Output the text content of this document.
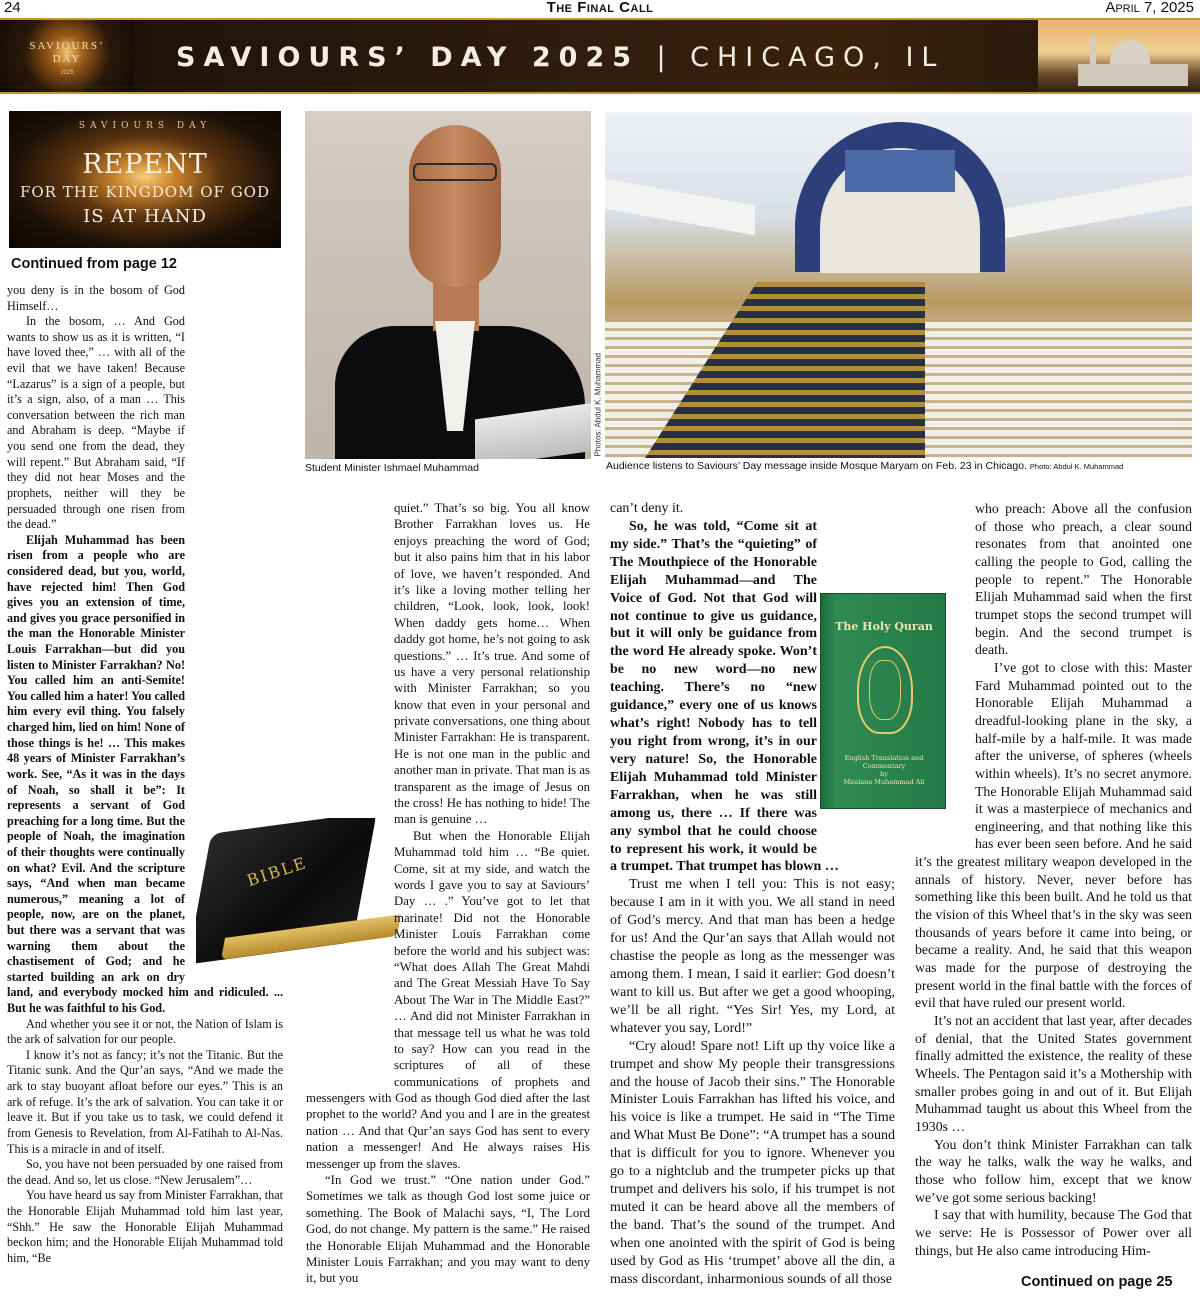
24	The Final Call	April 7, 2025
SAVIOURS’
DAY
2025	SAVIOURS’ DAY 2025 | CHICAGO, IL
SAVIOURS DAY
REPENT
FOR THE KINGDOM OF GOD
IS AT HAND
Photos: Abdul K. Muhammad
Student Minister Ishmael Muhammad	Audience listens to Saviours’ Day message inside Mosque Maryam on Feb. 23 in Chicago. Photo: Abdul K. Muhammad
Continued from page 12

you deny is in the bosom of God Himself…

In the bosom, … And God wants to show us as it is written, “I have loved thee,” … with all of the evil that we have taken! Because “Lazarus” is a sign of a people, but it’s a sign, also, of a man … This conversation between the rich man and Abraham is deep. “Maybe if you send one from the dead, they will repent.” But Abraham said, “If they did not hear Moses and the prophets, neither will they be persuaded through one risen from the dead.”

Elijah Muhammad has been risen from a people who are considered dead, but you, world, have rejected him! Then God gives you an extension of time, and gives you grace personified in the man the Honorable Minister Louis Farrakhan—but did you listen to Minister Farrakhan? No! You called him an anti-Semite! You called him a hater! You called him every evil thing. You falsely charged him, lied on him! None of those things is he! … This makes 48 years of Minister Farrakhan’s work. See, “As it was in the days of Noah, so shall it be”: It represents a servant of God preaching for a long time. But the people of Noah, the imagination of their thoughts were continually on what? Evil. And the scripture says, “And when man became numerous,” meaning a lot of people, now, are on the planet, but there was a servant that was warning them about the chastisement of God; and he started building an ark on dry land, and everybody mocked him and ridiculed. ... But he was faithful to his God.

And whether you see it or not, the Nation of Islam is the ark of salvation for our people.

I know it’s not as fancy; it’s not the Titanic. But the Titanic sunk. And the Qur’an says, “And we made the ark to stay buoyant afloat before our eyes.” This is an ark of refuge. It’s the ark of salvation. You can take it or leave it. But if you take us to task, we could defend it from Genesis to Revelation, from Al-Fatihah to Al-Nas. This is a miracle in and of itself.

So, you have not been persuaded by one raised from the dead. And so, let us close. “New Jerusalem”…

You have heard us say from Minister Farrakhan, that the Honorable Elijah Muhammad told him last year, “Shh.” He saw the Honorable Elijah Muhammad beckon him; and the Honorable Elijah Muhammad told him, “Be

BIBLE

quiet.” That’s so big. You all know Brother Farrakhan loves us. He enjoys preaching the word of God; but it also pains him that in his labor of love, we haven’t responded. And it’s like a loving mother telling her children, “Look, look, look, look! When daddy gets home… When daddy got home, he’s not going to ask questions.” … It’s true. And some of us have a very personal relationship with Minister Farrakhan; so you know that even in your personal and private conversations, one thing about Minister Farrakhan: He is transparent. He is not one man in the public and another man in private. That man is as transparent as the image of Jesus on the cross! He has nothing to hide! The man is genuine …

But when the Honorable Elijah Muhammad told him … “Be quiet. Come, sit at my side, and watch the words I gave you to say at Saviours’ Day … .” You’ve got to let that marinate! Did not the Honorable Minister Louis Farrakhan come before the world and his subject was: “What does Allah The Great Mahdi and The Great Messiah Have To Say About The War in The Middle East?” … And did not Minister Farrakhan in that message tell us what he was told to say? How can you read in the scriptures of all of these communications of prophets and messengers with God as though God died after the last prophet to the world? And you and I are in the greatest nation … And that Qur’an says God has sent to every nation a messenger! And He always raises His messenger up from the slaves.

“In God we trust.” “One nation under God.” Sometimes we talk as though God lost some juice or something. The Book of Malachi says, “I, The Lord God, do not change. My pattern is the same.” He raised the Honorable Elijah Muhammad and the Honorable Minister Louis Farrakhan; and you may want to deny it, but you

The Holy Quran
English Translation and Commentary
by
Maulana Muhammad Ali

can’t deny it.

So, he was told, “Come sit at my side.” That’s the “quieting” of The Mouthpiece of the Honorable Elijah Muhammad—and The Voice of God. Not that God will not continue to give us guidance, but it will only be guidance from the word He already spoke. Won’t be no new word—no new teaching. There’s no “new guidance,” every one of us knows what’s right! Nobody has to tell you right from wrong, it’s in our very nature! So, the Honorable Elijah Muhammad told Minister Farrakhan, when he was still among us, there … If there was any symbol that he could choose to represent his work, it would be a trumpet. That trumpet has blown …

Trust me when I tell you: This is not easy; because I am in it with you. We all stand in need of God’s mercy. And that man has been a hedge for us! And the Qur’an says that Allah would not chastise the people as long as the messenger was among them. I mean, I said it earlier: God doesn’t want to kill us. But after we get a good whooping, we’ll be all right. “Yes Sir! Yes, my Lord, at whatever you say, Lord!”

“Cry aloud! Spare not! Lift up thy voice like a trumpet and show My people their transgressions and the house of Jacob their sins.” The Honorable Minister Louis Farrakhan has lifted his voice, and his voice is like a trumpet. He said in “The Time and What Must Be Done”: “A trumpet has a sound that is difficult for you to ignore. Whenever you go to a nightclub and the trumpeter picks up that trumpet and delivers his solo, if his trumpet is not muted it can be heard above all the members of the band. That’s the sound of the trumpet. And when one anointed with the spirit of God is being used by God as His ‘trumpet’ above all the din, a mass discordant, inharmonious sounds of all those

who preach: Above all the confusion of those who preach, a clear sound resonates from that anointed one calling the people to God, calling the people to repent.” The Honorable Elijah Muhammad said when the first trumpet stops the second trumpet will begin. And the second trumpet is death.

I’ve got to close with this: Master Fard Muhammad pointed out to the Honorable Elijah Muhammad a dreadful-looking plane in the sky, a half-mile by a half-mile. It was made after the universe, of spheres (wheels within wheels). It’s no secret anymore. The Honorable Elijah Muhammad said it was a masterpiece of mechanics and engineering, and that nothing like this has ever been seen before. And he said it’s the greatest military weapon developed in the annals of history. Never, never before has something like this been built. And he told us that the vision of this Wheel that’s in the sky was seen thousands of years before it came into being, or became a reality. And, he said that this weapon was made for the purpose of destroying the present world in the final battle with the forces of evil that have ruled our present world.

It’s not an accident that last year, after decades of denial, that the United States government finally admitted the existence, the reality of these Wheels. The Pentagon said it’s a Mothership with smaller probes going in and out of it. But Elijah Muhammad taught us about this Wheel from the 1930s …

You don’t think Minister Farrakhan can talk the way he talks, walk the way he walks, and those who follow him, except that we know we’ve got some serious backing!

I say that with humility, because The God that we serve: He is Possessor of Power over all things, but He also came introducing Him-

Continued on page 25
